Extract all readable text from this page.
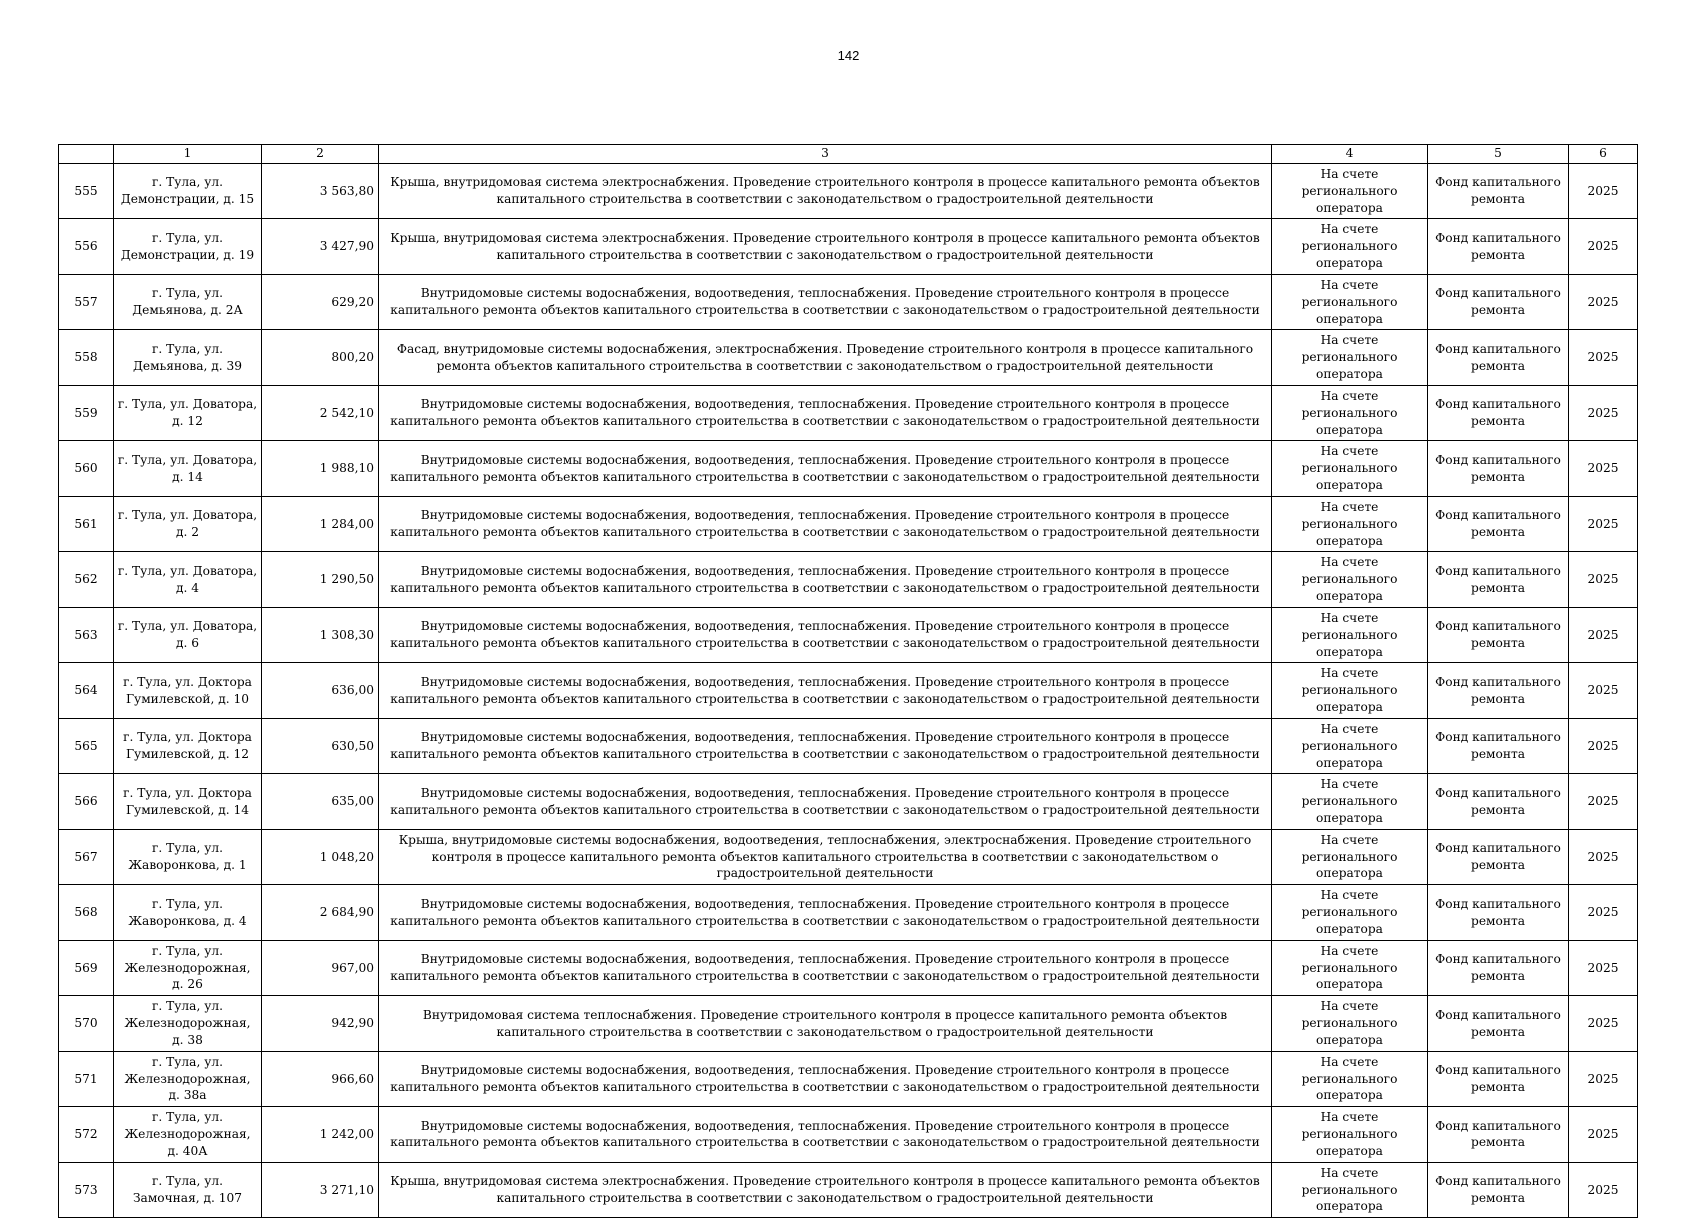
142
	1	2	3	4	5	6
555	г. Тула, ул. Демонстрации, д. 15	3 563,80	Крыша, внутридомовая система электроснабжения. Проведение строительного контроля в процессе капитального ремонта объектов капитального строительства в соответствии с законодательством о градостроительной деятельности	На счете регионального оператора	Фонд капитального ремонта	2025
556	г. Тула, ул. Демонстрации, д. 19	3 427,90	Крыша, внутридомовая система электроснабжения. Проведение строительного контроля в процессе капитального ремонта объектов капитального строительства в соответствии с законодательством о градостроительной деятельности	На счете регионального оператора	Фонд капитального ремонта	2025
557	г. Тула, ул. Демьянова, д. 2А	629,20	Внутридомовые системы водоснабжения, водоотведения, теплоснабжения. Проведение строительного контроля в процессе капитального ремонта объектов капитального строительства в соответствии с законодательством о градостроительной деятельности	На счете регионального оператора	Фонд капитального ремонта	2025
558	г. Тула, ул. Демьянова, д. 39	800,20	Фасад, внутридомовые системы водоснабжения, электроснабжения. Проведение строительного контроля в процессе капитального ремонта объектов капитального строительства в соответствии с законодательством о градостроительной деятельности	На счете регионального оператора	Фонд капитального ремонта	2025
559	г. Тула, ул. Доватора, д. 12	2 542,10	Внутридомовые системы водоснабжения, водоотведения, теплоснабжения. Проведение строительного контроля в процессе капитального ремонта объектов капитального строительства в соответствии с законодательством о градостроительной деятельности	На счете регионального оператора	Фонд капитального ремонта	2025
560	г. Тула, ул. Доватора, д. 14	1 988,10	Внутридомовые системы водоснабжения, водоотведения, теплоснабжения. Проведение строительного контроля в процессе капитального ремонта объектов капитального строительства в соответствии с законодательством о градостроительной деятельности	На счете регионального оператора	Фонд капитального ремонта	2025
561	г. Тула, ул. Доватора, д. 2	1 284,00	Внутридомовые системы водоснабжения, водоотведения, теплоснабжения. Проведение строительного контроля в процессе капитального ремонта объектов капитального строительства в соответствии с законодательством о градостроительной деятельности	На счете регионального оператора	Фонд капитального ремонта	2025
562	г. Тула, ул. Доватора, д. 4	1 290,50	Внутридомовые системы водоснабжения, водоотведения, теплоснабжения. Проведение строительного контроля в процессе капитального ремонта объектов капитального строительства в соответствии с законодательством о градостроительной деятельности	На счете регионального оператора	Фонд капитального ремонта	2025
563	г. Тула, ул. Доватора, д. 6	1 308,30	Внутридомовые системы водоснабжения, водоотведения, теплоснабжения. Проведение строительного контроля в процессе капитального ремонта объектов капитального строительства в соответствии с законодательством о градостроительной деятельности	На счете регионального оператора	Фонд капитального ремонта	2025
564	г. Тула, ул. Доктора Гумилевской, д. 10	636,00	Внутридомовые системы водоснабжения, водоотведения, теплоснабжения. Проведение строительного контроля в процессе капитального ремонта объектов капитального строительства в соответствии с законодательством о градостроительной деятельности	На счете регионального оператора	Фонд капитального ремонта	2025
565	г. Тула, ул. Доктора Гумилевской, д. 12	630,50	Внутридомовые системы водоснабжения, водоотведения, теплоснабжения. Проведение строительного контроля в процессе капитального ремонта объектов капитального строительства в соответствии с законодательством о градостроительной деятельности	На счете регионального оператора	Фонд капитального ремонта	2025
566	г. Тула, ул. Доктора Гумилевской, д. 14	635,00	Внутридомовые системы водоснабжения, водоотведения, теплоснабжения. Проведение строительного контроля в процессе капитального ремонта объектов капитального строительства в соответствии с законодательством о градостроительной деятельности	На счете регионального оператора	Фонд капитального ремонта	2025
567	г. Тула, ул. Жаворонкова, д. 1	1 048,20	Крыша, внутридомовые системы водоснабжения, водоотведения, теплоснабжения, электроснабжения. Проведение строительного контроля в процессе капитального ремонта объектов капитального строительства в соответствии с законодательством о градостроительной деятельности	На счете регионального оператора	Фонд капитального ремонта	2025
568	г. Тула, ул. Жаворонкова, д. 4	2 684,90	Внутридомовые системы водоснабжения, водоотведения, теплоснабжения. Проведение строительного контроля в процессе капитального ремонта объектов капитального строительства в соответствии с законодательством о градостроительной деятельности	На счете регионального оператора	Фонд капитального ремонта	2025
569	г. Тула, ул. Железнодорожная, д. 26	967,00	Внутридомовые системы водоснабжения, водоотведения, теплоснабжения. Проведение строительного контроля в процессе капитального ремонта объектов капитального строительства в соответствии с законодательством о градостроительной деятельности	На счете регионального оператора	Фонд капитального ремонта	2025
570	г. Тула, ул. Железнодорожная, д. 38	942,90	Внутридомовая система теплоснабжения. Проведение строительного контроля в процессе капитального ремонта объектов капитального строительства в соответствии с законодательством о градостроительной деятельности	На счете регионального оператора	Фонд капитального ремонта	2025
571	г. Тула, ул. Железнодорожная, д. 38а	966,60	Внутридомовые системы водоснабжения, водоотведения, теплоснабжения. Проведение строительного контроля в процессе капитального ремонта объектов капитального строительства в соответствии с законодательством о градостроительной деятельности	На счете регионального оператора	Фонд капитального ремонта	2025
572	г. Тула, ул. Железнодорожная, д. 40А	1 242,00	Внутридомовые системы водоснабжения, водоотведения, теплоснабжения. Проведение строительного контроля в процессе капитального ремонта объектов капитального строительства в соответствии с законодательством о градостроительной деятельности	На счете регионального оператора	Фонд капитального ремонта	2025
573	г. Тула, ул. Замочная, д. 107	3 271,10	Крыша, внутридомовая система электроснабжения. Проведение строительного контроля в процессе капитального ремонта объектов капитального строительства в соответствии с законодательством о градостроительной деятельности	На счете регионального оператора	Фонд капитального ремонта	2025
